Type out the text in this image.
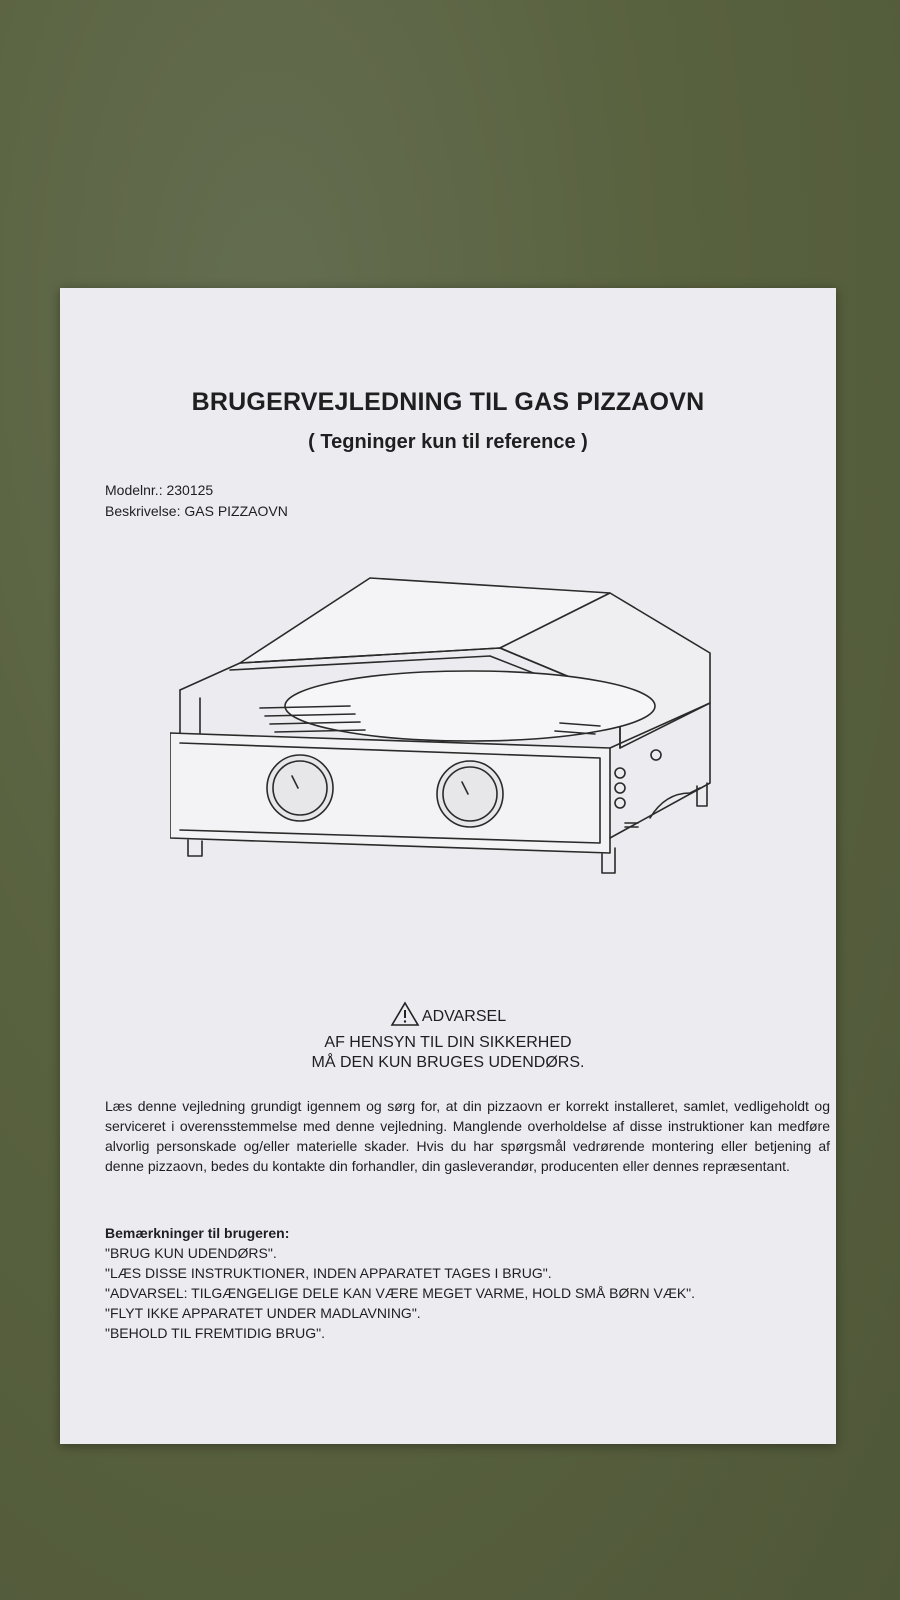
BRUGERVEJLEDNING TIL GAS PIZZAOVN
( Tegninger kun til reference )
Modelnr.: 230125
Beskrivelse: GAS PIZZAOVN
ADVARSEL
AF HENSYN TIL DIN SIKKERHED
MÅ DEN KUN BRUGES UDENDØRS.
Læs denne vejledning grundigt igennem og sørg for, at din pizzaovn er korrekt installeret, samlet, vedligeholdt og serviceret i overensstemmelse med denne vejledning. Manglende overholdelse af disse instruktioner kan medføre alvorlig personskade og/eller materielle skader. Hvis du har spørgsmål vedrørende montering eller betjening af denne pizzaovn, bedes du kontakte din forhandler, din gasleverandør, producenten eller dennes repræsentant.
Bemærkninger til brugeren:
"BRUG KUN UDENDØRS".
"LÆS DISSE INSTRUKTIONER, INDEN APPARATET TAGES I BRUG".
"ADVARSEL: TILGÆNGELIGE DELE KAN VÆRE MEGET VARME, HOLD SMÅ BØRN VÆK".
"FLYT IKKE APPARATET UNDER MADLAVNING".
"BEHOLD TIL FREMTIDIG BRUG".
